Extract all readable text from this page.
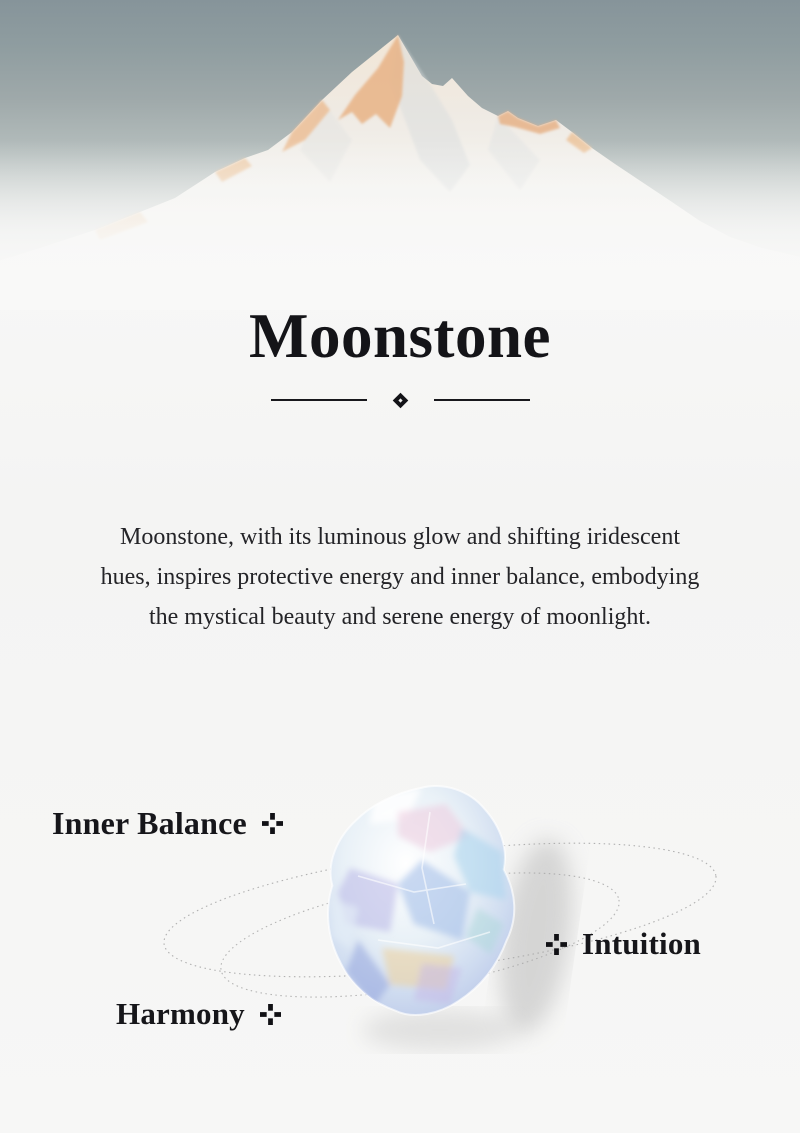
Moonstone

Moonstone, with its luminous glow and shifting iridescent
hues, inspires protective energy and inner balance, embodying
the mystical beauty and serene energy of moonlight.

Inner Balance
Intuition
Harmony
